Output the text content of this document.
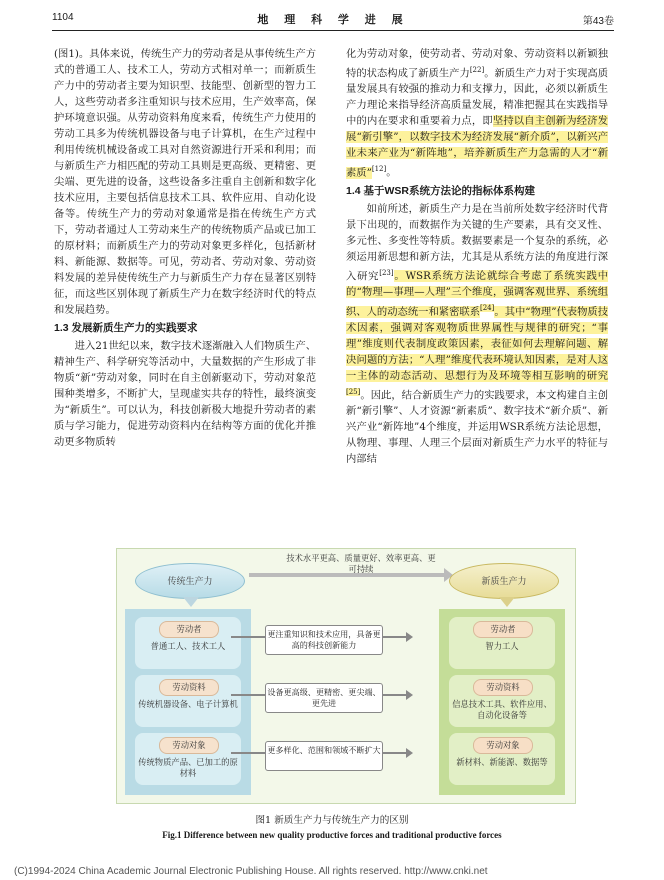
1104	地 理 科 学 进 展	第43卷

(图1)。具体来说，传统生产力的劳动者是从事传统生产方式的普通工人、技术工人，劳动方式相对单一；而新质生产力中的劳动者主要为知识型、技能型、创新型的智力工人，这些劳动者多注重知识与技术应用，生产效率高，保护环境意识强。从劳动资料角度来看，传统生产力使用的劳动工具多为传统机器设备与电子计算机，在生产过程中利用传统机械设备或工具对自然资源进行开采和利用；而与新质生产力相匹配的劳动工具则是更高级、更精密、更尖端、更先进的设备，这些设备多注重自主创新和数字化技术应用，主要包括信息技术工具、软件应用、自动化设备等。传统生产力的劳动对象通常是指在传统生产方式下，劳动者通过人工劳动来生产的传统物质产品或已加工的原材料；而新质生产力的劳动对象更多样化，包括新材料、新能源、数据等。可见，劳动者、劳动对象、劳动资料发展的差异使传统生产力与新质生产力存在显著区别特征，而这些区别体现了新质生产力在数字经济时代的特点和发展趋势。

1.3 发展新质生产力的实践要求

进入21世纪以来，数字技术逐渐融入人们物质生产、精神生产、科学研究等活动中，大量数据的产生形成了非物质“新”劳动对象，同时在自主创新驱动下，劳动对象范围种类增多，不断扩大，呈现虚实共存的特性，最终演变为“新质生”。可以认为，科技创新极大地提升劳动者的素质与学习能力，促进劳动资料内在结构等方面的优化并推动更多物质转

化为劳动对象，使劳动者、劳动对象、劳动资料以新颖独特的状态构成了新质生产力[22]。新质生产力对于实现高质量发展具有较强的推动力和支撑力，因此，必须以新质生产力理论来指导经济高质量发展，精准把握其在实践指导中的内在要求和重要着力点，即坚持以自主创新为经济发展“新引擎”，以数字技术为经济发展“新介质”，以新兴产业未来产业为“新阵地”，培养新质生产力急需的人才“新素质”[12]。

1.4 基于WSR系统方法论的指标体系构建

如前所述，新质生产力是在当前所处数字经济时代背景下出现的，而数据作为关键的生产要素，具有交叉性、多元性、多变性等特质。数据要素是一个复杂的系统，必须运用新思想和新方法，尤其是从系统方法的角度进行深入研究[23]。WSR系统方法论就综合考虑了系统实践中的“物理—事理—人理”三个维度，强调客观世界、系统组织、人的动态统一和紧密联系[24]。其中“物理”代表物质技术因素，强调对客观物质世界属性与规律的研究；“事理”维度则代表制度政策因素，表征如何去理解问题、解决问题的方法；“人理”维度代表环境认知因素，是对人这一主体的动态活动、思想行为及环境等相互影响的研究[25]。因此，结合新质生产力的实践要求，本文构建自主创新“新引擎”、人才资源“新素质”、数字技术“新介质”、新兴产业“新阵地”4个维度，并运用WSR系统方法论思想，从物理、事理、人理三个层面对新质生产力水平的特征与内部结

传统生产力
技术水平更高、质量更好、效率更高、更可持续
新质生产力
劳动者
普通工人、技术工人
劳动资料
传统机器设备、电子计算机
劳动对象
传统物质产品、已加工的原材料
更注重知识和技术应用，具备更高的科技创新能力
设备更高级、更精密、更尖端、更先进
更多样化、范围和领域不断扩大
劳动者
智力工人
劳动资料
信息技术工具、软件应用、自动化设备等
劳动对象
新材料、新能源、数据等
图1 新质生产力与传统生产力的区别
Fig.1 Difference between new quality productive forces and traditional productive forces
(C)1994-2024 China Academic Journal Electronic Publishing House. All rights reserved. http://www.cnki.net
